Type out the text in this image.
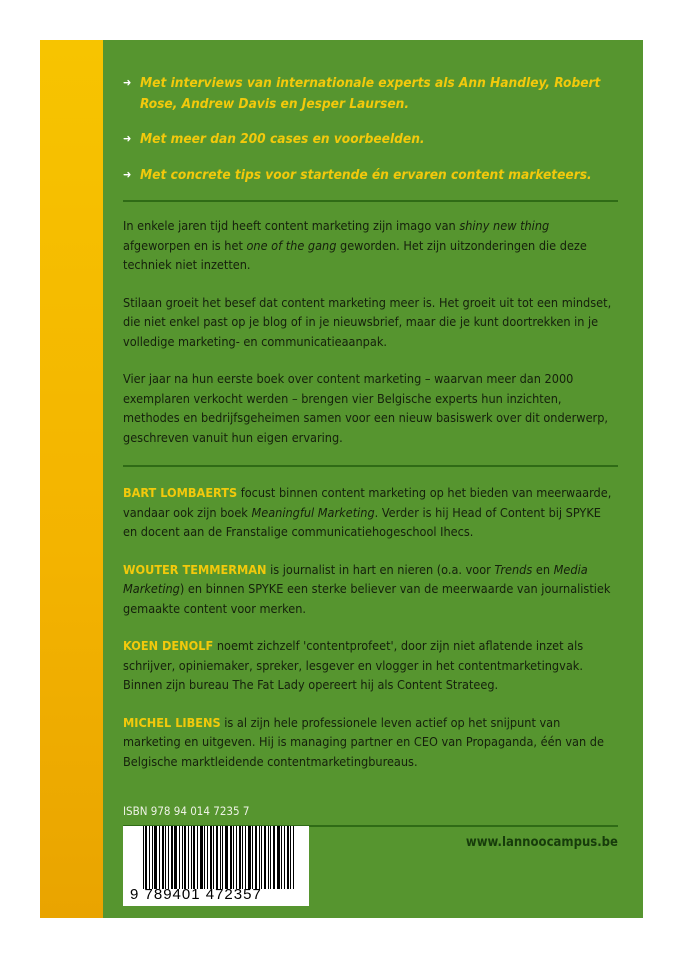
➜ Met interviews van internationale experts als Ann Handley, Robert Rose, Andrew Davis en Jesper Laursen.
➜ Met meer dan 200 cases en voorbeelden.
➜ Met concrete tips voor startende én ervaren content marketeers.

In enkele jaren tijd heeft content marketing zijn imago van shiny new thing afgeworpen en is het one of the gang geworden. Het zijn uitzonderingen die deze techniek niet inzetten.

Stilaan groeit het besef dat content marketing meer is. Het groeit uit tot een mindset, die niet enkel past op je blog of in je nieuwsbrief, maar die je kunt doortrekken in je volledige marketing- en communicatieaanpak.

Vier jaar na hun eerste boek over content marketing – waarvan meer dan 2000 exemplaren verkocht werden – brengen vier Belgische experts hun inzichten, methodes en bedrijfsgeheimen samen voor een nieuw basiswerk over dit onderwerp, geschreven vanuit hun eigen ervaring.

BART LOMBAERTS focust binnen content marketing op het bieden van meerwaarde, vandaar ook zijn boek Meaningful Marketing. Verder is hij Head of Content bij SPYKE en docent aan de Franstalige communicatiehogeschool Ihecs.

WOUTER TEMMERMAN is journalist in hart en nieren (o.a. voor Trends en Media Marketing) en binnen SPYKE een sterke believer van de meerwaarde van journalistiek gemaakte content voor merken.

KOEN DENOLF noemt zichzelf 'contentprofeet', door zijn niet aflatende inzet als schrijver, opiniemaker, spreker, lesgever en vlogger in het contentmarketingvak. Binnen zijn bureau The Fat Lady opereert hij als Content Strateeg.

MICHEL LIBENS is al zijn hele professionele leven actief op het snijpunt van marketing en uitgeven. Hij is managing partner en CEO van Propaganda, één van de Belgische marktleidende contentmarketingbureaus.

ISBN 978 94 014 7235 7
9 789401 472357
www.lannoocampus.be
